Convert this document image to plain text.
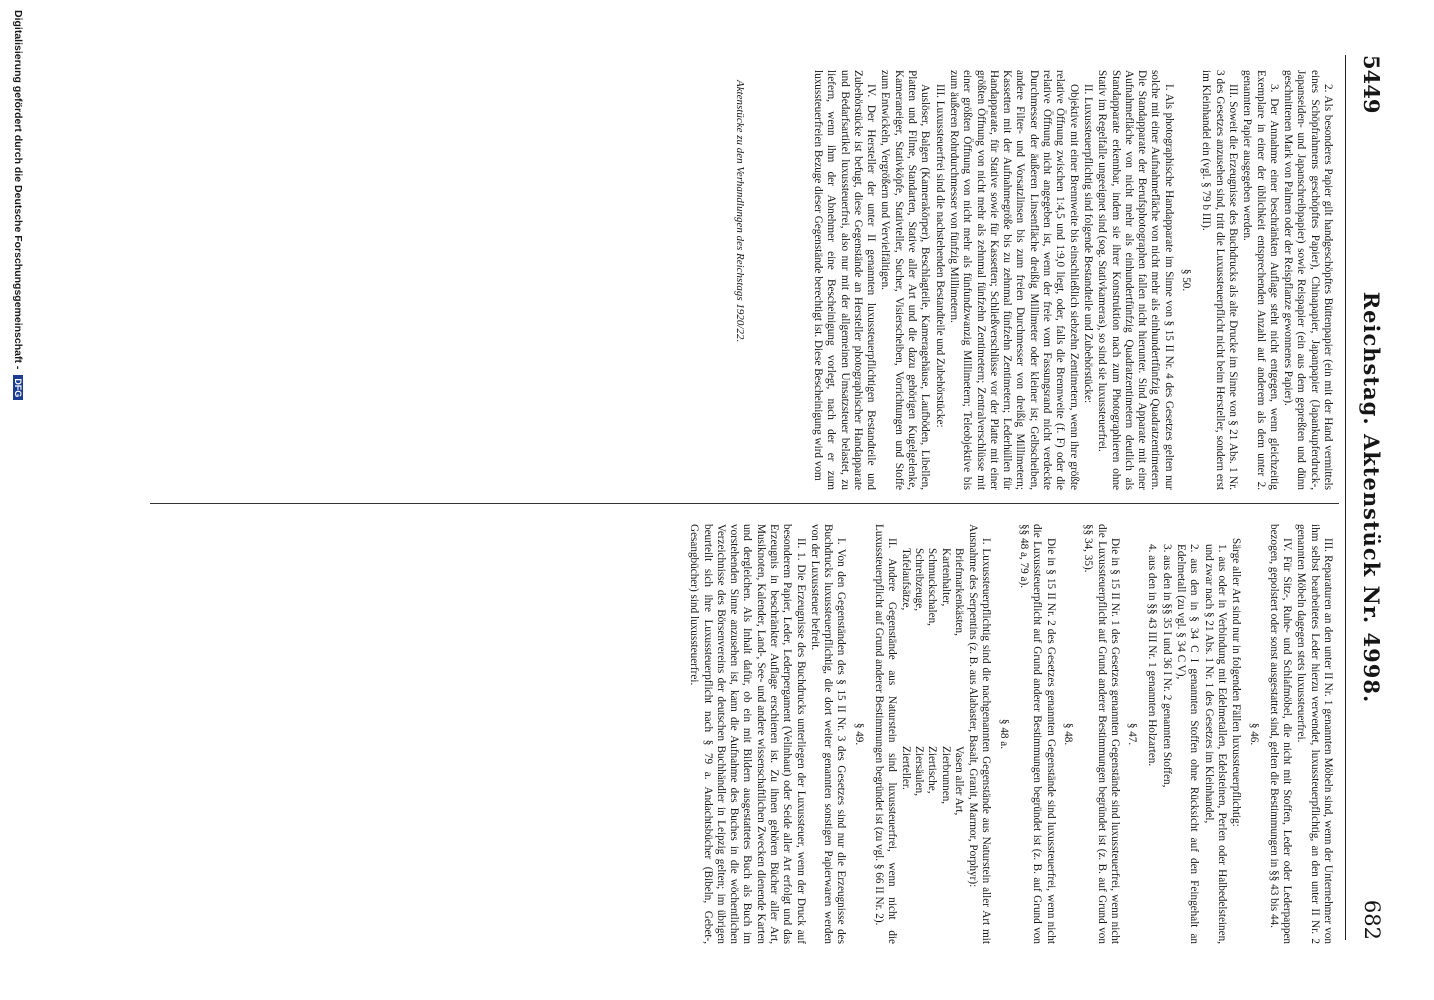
5449
Reichstag. Aktenstück Nr. 4998.
682

2. Als besonderes Papier gilt handgeschöpftes Büttenpapier (ein mit der Hand vermittels eines Schöpfrahmens geschöpftes Papier), Chinapapier, Japanpapier (Japankupferdruck-, Japanseiden- und Japanschreibpapier) sowie Reispapier (ein aus dem gepreßten und dünn geschnittenen Mark von Palmen oder der Reispflanze gewonnenes Papier).

3. Der Annahme einer beschränkten Auflage steht nicht entgegen, wenn gleichzeitig Exemplare in einer der üblichkeit entsprechenden Anzahl auf anderem als dem unter 2. genannten Papier ausgegeben werden.

III. Soweit die Erzeugnisse des Buchdrucks als alte Drucke im Sinne von § 21 Abs. 1 Nr. 3 des Gesetzes anzusehen sind, tritt die Luxussteuerpflicht nicht beim Hersteller, sondern erst im Kleinhandel ein (vgl. § 79 b III).

§ 50.

I. Als photographische Handapparate im Sinne von § 15 II Nr. 4 des Gesetzes gelten nur solche mit einer Aufnahmefläche von nicht mehr als einhundertfünfzig Quadratzentimetern. Die Standapparate der Berufsphotographen fallen nicht hierunter. Sind Apparate mit einer Aufnahmefläche von nicht mehr als einhundertfünfzig Quadratzentimetern deutlich als Standapparate erkennbar, indem sie ihrer Konstruktion nach zum Photographieren ohne Stativ im Regelfalle ungeeignet sind (sog. Stativkameras), so sind sie luxussteuerfrei.

II. Luxussteuerpflichtig sind folgende Bestandteile und Zubehörstücke:

Objektive mit einer Brennweite bis einschließlich siebzehn Zentimetern, wenn ihre größte relative Öffnung zwischen 1:4,5 und 1:9,0 liegt, oder, falls die Brennweite (f. F) oder die relative Öffnung nicht angegeben ist, wenn der freie vom Fassungsrand nicht verdeckte Durchmesser der äußeren Linsenfläche dreißig Millimeter oder kleiner ist; Gelbscheiben, andere Filter- und Vorsatzlinsen bis zum freien Durchmesser von dreißig Millimetern; Kassetten mit der Aufnahmegröße bis zu zehnmal fünfzehn Zentimetern; Lederhüllen für Handapparate, für Stative sowie für Kassetten; Schließverschlüsse vor der Platte mit einer größten Öffnung von nicht mehr als zehnmal fünfzehn Zentimetern; Zentralverschlüsse mit einer größten Öffnung von nicht mehr als fünfundzwanzig Millimetern; Teleobjektive bis zum äußeren Rohrdurchmesser von fünfzig Millimetern.

III. Luxussteuerfrei sind die nachstehenden Bestandteile und Zubehörstücke:

Auslöser, Balgen (Kamerakörper), Beschlagteile, Kameragehäuse, Laufböden, Libellen, Platten und Filme, Standarten, Stative aller Art und die dazu gehörigen Kugelgelenke, Kameraneiger, Stativköpfe, Stativteller, Sucher, Visierscheiben, Vorrichtungen und Stoffe zum Entwickeln, Vergrößern und Vervielfältigen.

IV. Der Hersteller der unter II genannten luxussteuerpflichtigen Bestandteile und Zubehörstücke ist befugt, diese Gegenstände an Hersteller photographischer Handapparate und Bedarfsartikel luxussteuerfrei, also nur mit der allgemeinen Umsatzsteuer belastet, zu liefern, wenn ihm der Abnehmer eine Bescheinigung vorlegt, nach der er zum luxussteuerfreien Bezuge dieser Gegenstände berechtigt ist. Diese Bescheinigung wird vom

III. Reparaturen an den unter II Nr. 1 genannten Möbeln sind, wenn der Unternehmer von ihm selbst bearbeitetes Leder hierzu verwendet, luxussteuerpflichtig, an den unter II Nr. 2 genannten Möbeln dagegen stets luxussteuerfrei.

IV. Für Sitz-, Ruhe- und Schlafmöbel, die nicht mit Stoffen, Leder oder Lederpappen bezogen, gepolstert oder sonst ausgestattet sind, gelten die Bestimmungen in §§ 43 bis 44.

§ 46.

Särge aller Art sind nur in folgenden Fällen luxussteuerpflichtig:

1. aus oder in Verbindung mit Edelmetallen, Edelsteinen, Perlen oder Halbedelsteinen, und zwar nach § 21 Abs. 1 Nr. 1 des Gesetzes im Kleinhandel,

2. aus den in § 34 C I genannten Stoffen ohne Rücksicht auf den Feingehalt an Edelmetall (zu vgl. § 34 C V),

3. aus den in §§ 35 I und 36 I Nr. 2 genannten Stoffen,

4. aus den in §§ 43 III Nr. 1 genannten Holzarten.

§ 47.

Die in § 15 II Nr. 1 des Gesetzes genannten Gegenstände sind luxussteuerfrei, wenn nicht die Luxussteuerpflicht auf Grund anderer Bestimmungen begründet ist (z. B. auf Grund von §§ 34, 35).

§ 48.

Die in § 15 II Nr. 2 des Gesetzes genannten Gegenstände sind luxussteuerfrei, wenn nicht die Luxussteuerpflicht auf Grund anderer Bestimmungen begründet ist (z. B. auf Grund von §§ 48 a, 79 a).

§ 48 a.

I. Luxussteuerpflichtig sind die nachgenannten Gegenstände aus Naturstein aller Art mit Ausnahme des Serpentins (z. B. aus Alabaster, Basalt, Granit, Marmor, Porphyr):

Briefmarkenkästen,
Kartenhalter,
Schmuckschalen,
Schreibzeuge,
Tafelaufsätze,
Vasen aller Art,
Zierbrunnen,
Ziertische,
Ziersäulen,
Zierteller.

II. Andere Gegenstände aus Naturstein sind luxussteuerfrei, wenn nicht die Luxussteuerpflicht auf Grund anderer Bestimmungen begründet ist (zu vgl. § 66 II Nr. 2).

§ 49.

I. Von den Gegenständen des § 15 II Nr. 3 des Gesetzes sind nur die Erzeugnisse des Buchdrucks luxussteuerpflichtig, die dort weiter genannten sonstigen Papierwaren werden von der Luxussteuer befreit.

II. 1. Die Erzeugnisse des Buchdrucks unterliegen der Luxussteuer, wenn der Druck auf besonderem Papier, Leder, Lederpergament (Velinhaut) oder Seide aller Art erfolgt und das Erzeugnis in beschränkter Auflage erschienen ist. Zu ihnen gehören Bücher aller Art, Musiknoten, Kalender, Land-, See- und andere wissenschaftlichen Zwecken dienende Karten und dergleichen. Als Inhalt dafür, ob ein mit Bildern ausgestattetes Buch als Buch im vorstehenden Sinne anzusehen ist, kann die Aufnahme des Buches in die wöchentlichen Verzeichnisse des Börsenvereins der deutschen Buchhändler in Leipzig gelten; im übrigen beurteilt sich ihre Luxussteuerpflicht nach § 79 a. Andachtsbücher (Bibeln, Gebet-, Gesangbücher) sind luxussteuerfrei.

Aktenstücke zu den Verhandlungen des Reichstags 1920/22.
Digitalisierung gefördert durch die Deutsche Forschungsgemeinschaft - DFG
